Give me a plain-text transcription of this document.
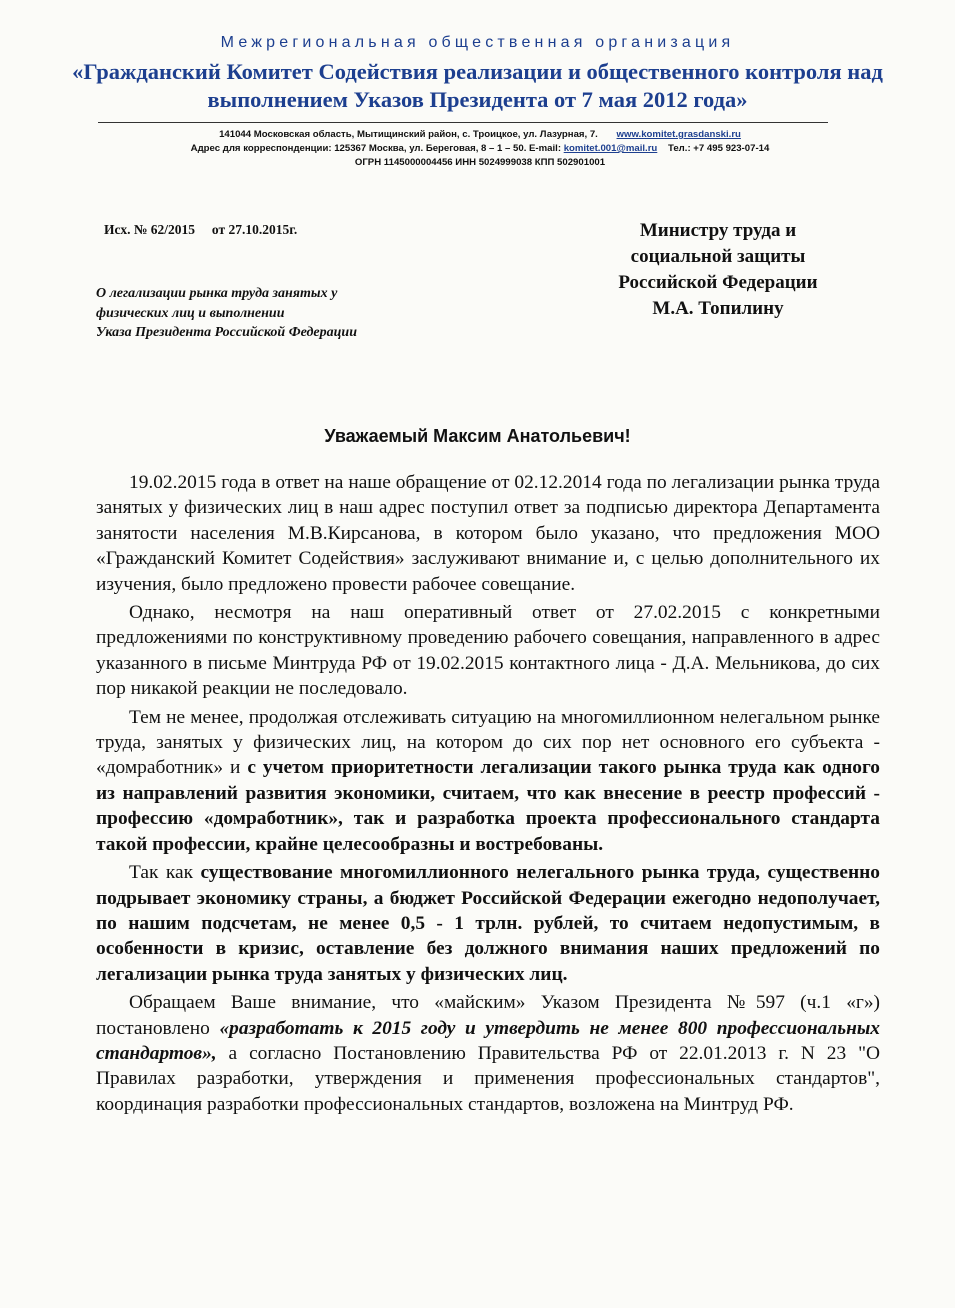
Межрегиональная общественная организация
«Гражданский Комитет Содействия реализации и общественного контроля над выполнением Указов Президента от 7 мая 2012 года»
141044 Московская область, Мытищинский район, с. Троицкое, ул. Лазурная, 7. www.komitet.grasdanski.ru
Адрес для корреспонденции: 125367 Москва, ул. Береговая, 8 – 1 – 50. E-mail: komitet.001@mail.ru Тел.: +7 495 923-07-14
ОГРН 1145000004456 ИНН 5024999038 КПП 502901001
Исх. № 62/2015 от 27.10.2015г.	Министру труда и
социальной защиты
Российской Федерации
М.А. Топилину
О легализации рынка труда занятых у
физических лиц и выполнении
Указа Президента Российской Федерации
Уважаемый Максим Анатольевич!

19.02.2015 года в ответ на наше обращение от 02.12.2014 года по легализации рынка труда занятых у физических лиц в наш адрес поступил ответ за подписью директора Департамента занятости населения М.В.Кирсанова, в котором было указано, что предложения МОО «Гражданский Комитет Содействия» заслуживают внимание и, с целью дополнительного их изучения, было предложено провести рабочее совещание.

Однако, несмотря на наш оперативный ответ от 27.02.2015 с конкретными предложениями по конструктивному проведению рабочего совещания, направленного в адрес указанного в письме Минтруда РФ от 19.02.2015 контактного лица - Д.А. Мельникова, до сих пор никакой реакции не последовало.

Тем не менее, продолжая отслеживать ситуацию на многомиллионном нелегальном рынке труда, занятых у физических лиц, на котором до сих пор нет основного его субъекта - «домработник» и с учетом приоритетности легализации такого рынка труда как одного из направлений развития экономики, считаем, что как внесение в реестр профессий - профессию «домработник», так и разработка проекта профессионального стандарта такой профессии, крайне целесообразны и востребованы.

Так как существование многомиллионного нелегального рынка труда, существенно подрывает экономику страны, а бюджет Российской Федерации ежегодно недополучает, по нашим подсчетам, не менее 0,5 - 1 трлн. рублей, то считаем недопустимым, в особенности в кризис, оставление без должного внимания наших предложений по легализации рынка труда занятых у физических лиц.

Обращаем Ваше внимание, что «майским» Указом Президента №597 (ч.1 «г») постановлено «разработать к 2015 году и утвердить не менее 800 профессиональных стандартов», а согласно Постановлению Правительства РФ от 22.01.2013 г. N 23 "О Правилах разработки, утверждения и применения профессиональных стандартов", координация разработки профессиональных стандартов, возложена на Минтруд РФ.
